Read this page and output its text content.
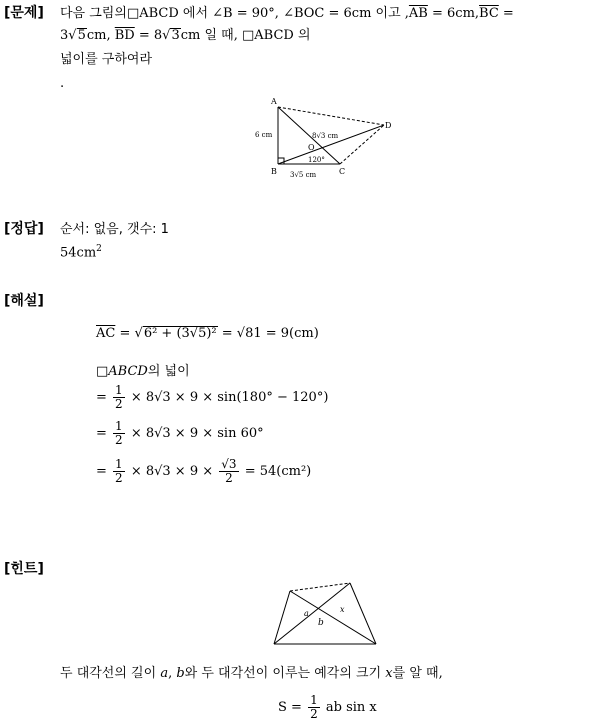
[문제] 다음 그림의□ABCD 에서 ∠B = 90°, ∠BOC = 6cm 이고 $,\overline{AB} = 6cm,\overline{BC}$ =
3√5cm, $\overline{BD} = 8√3cm$ 일 때, □ABCD 의
넓이를 구하여라
.
A
B	C
D
O
6 cm	8√3 cm
3√5 cm
120°
[정답] 순서: 없음, 갯수: 1
$54cm^2$
[해설]
$\overline{AC} = √6^2 + (3√5)^2 = √81 = 9(cm)$
□ABCD의 넓이
= $\frac{1}{2} \times 8√3 \times 9 \times \sin(180^\circ - 120^\circ)$
= $\frac{1}{2} \times 8√3 \times 9 \times \sin 60^\circ$
= $\frac{1}{2} \times 8√3 \times 9 \times \frac{√3}{2} = 54(cm^2)$
[힌트]
a
b
x
두 대각선의 길이 a, b와 두 대각선이 이루는 예각의 크기 x를 알 때,
$S = \frac{1}{2}$ ab sin x
